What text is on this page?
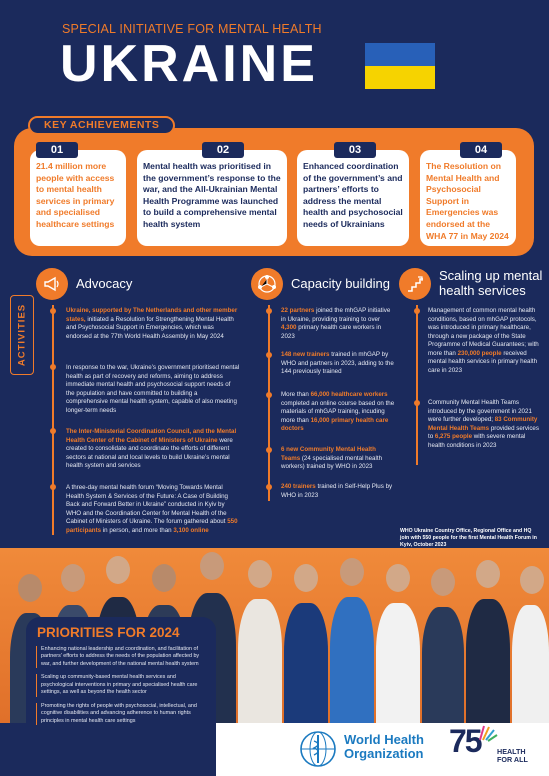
SPECIAL INITIATIVE FOR MENTAL HEALTH
UKRAINE
KEY ACHIEVEMENTS
21.4 million more people with access to mental health services in primary and specialised healthcare settings
01
Mental health was prioritised in the government’s response to the war, and the All-Ukrainian Mental Health Programme was launched to build a comprehensive mental health system
02
Enhanced coordination of the government’s and partners’ efforts to address the mental health and psychosocial needs of Ukrainians
03
The Resolution on Mental Health and Psychosocial Support in Emergencies was endorsed at the WHA 77 in May 2024
04
ACTIVITIES
Advocacy
Ukraine, supported by The Netherlands and other member states, initiated a Resolution for Strengthening Mental Health and Psychosocial Support in Emergencies, which was endorsed at the 77th World Health Assembly in May 2024
In response to the war, Ukraine’s government prioritised mental health as part of recovery and reforms, aiming to address immediate mental health and psychosocial support needs of the population and have committed to building a comprehensive mental health system, capable of also meeting longer-term needs
The Inter-Ministerial Coordination Council, and the Mental Health Center of the Cabinet of Ministers of Ukraine were created to consolidate and coordinate the efforts of different sectors at national and local levels to build Ukraine’s mental health system and services
A three-day mental health forum “Moving Towards Mental Health System & Services of the Future: A Case of Building Back and Forward Better in Ukraine” conducted in Kyiv by WHO and the Coordination Center for Mental Health of the Cabinet of Ministers of Ukraine. The forum gathered about 550 participants in person, and more than 3,100 online
Capacity building
22 partners joined the mhGAP initiative in Ukraine, providing training to over 4,300 primary health care workers in 2023
148 new trainers trained in mhGAP by WHO and partners in 2023, adding to the 144 previously trained
More than 66,000 healthcare workers completed an online course based on the materials of mhGAP training, incuding more than 16,000 primary health care doctors
6 new Community Mental Health Teams (24 specialised mental health workers) trained by WHO in 2023
240 trainers trained in Self-Help Plus by WHO in 2023
Scaling up mental health services
Management of common mental health conditions, based on mhGAP protocols, was introduced in primary healthcare, through a new package of the State Programme of Medical Guarantees; with more than 230,000 people received mental health services in primary health care in 2023
Community Mental Health Teams introduced by the government in 2021 were further developed; 83 Community Mental Health Teams provided services to 6,275 people with severe mental health conditions in 2023
WHO Ukraine Country Office, Regional Office and HQ join with 550 people for the first Mental Health Forum in Kyiv, October 2023
PRIORITIES FOR 2024
Enhancing national leadership and coordination, and facilitation of partners’ efforts to address the needs of the population affected by war, and further development of the national mental health system
Scaling up community-based mental health services and psychological interventions in primary and specialised health care settings, as well as beyond the health sector
Promoting the rights of people with psychosocial, intellectual, and cognitive disabilities and advancing adherence to human rights principles in mental health care settings
World Health
Organization 75 HEALTH
FOR ALL
